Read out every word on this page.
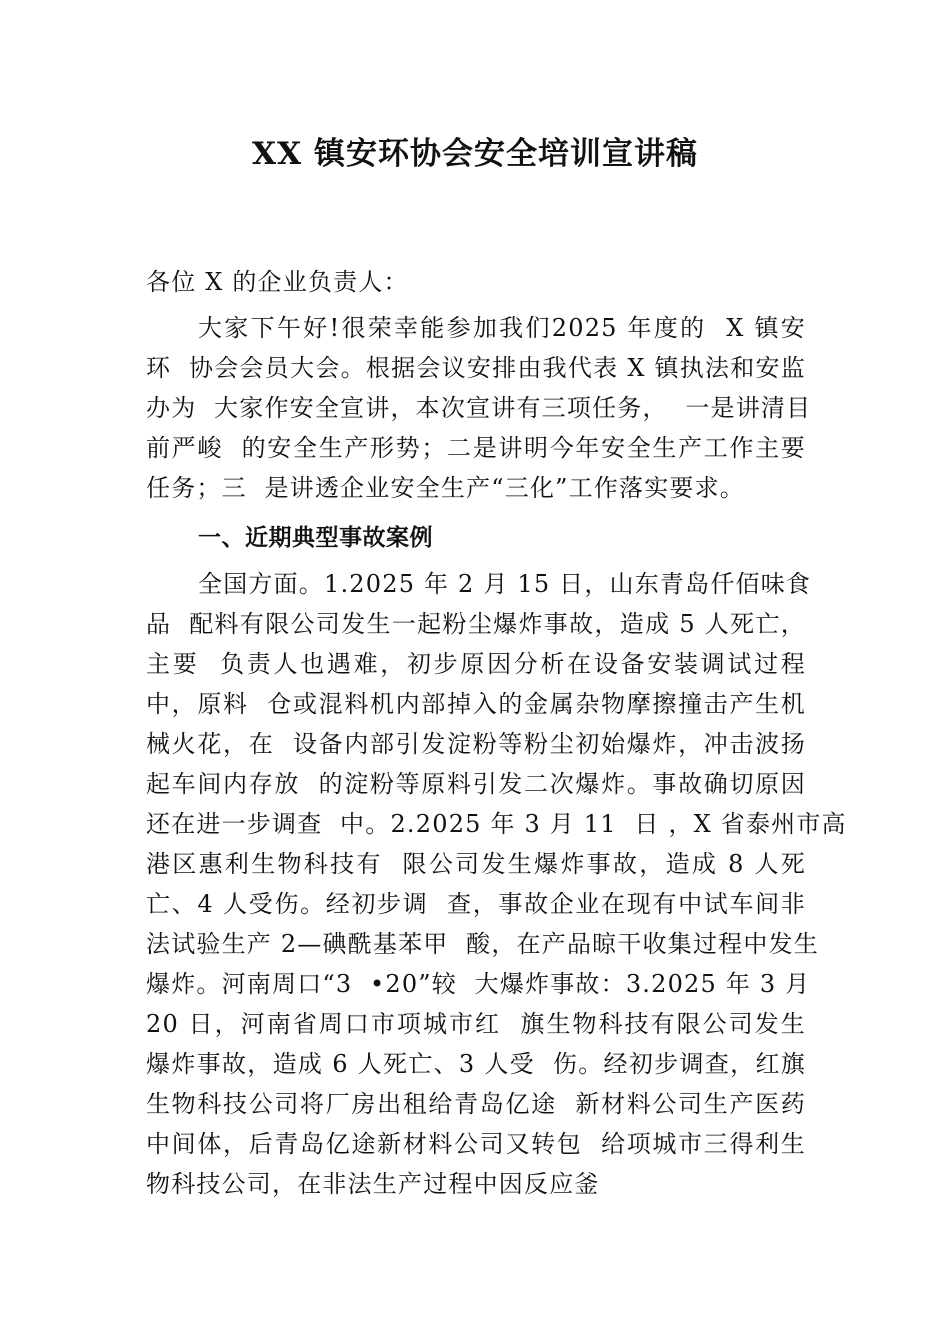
XX 镇安环协会安全培训宣讲稿
各位 X 的企业负责人：
大家下午好!很荣幸能参加我们2025 年度的  X 镇安
环  协会会员大会。根据会议安排由我代表 X 镇执法和安监
办为  大家作安全宣讲，本次宣讲有三项任务，  一是讲清目
前严峻  的安全生产形势；二是讲明今年安全生产工作主要
任务；三  是讲透企业安全生产“三化”工作落实要求。
一、近期典型事故案例
全国方面。1.2025 年 2 月 15 日，山东青岛仟佰味食
品  配料有限公司发生一起粉尘爆炸事故，造成 5 人死亡，
主要  负责人也遇难，初步原因分析在设备安装调试过程
中，原料  仓或混料机内部掉入的金属杂物摩擦撞击产生机
械火花，在  设备内部引发淀粉等粉尘初始爆炸，冲击波扬
起车间内存放  的淀粉等原料引发二次爆炸。事故确切原因
还在进一步调查  中。2.2025 年 3 月 11  日 ，X 省泰州市高
港区惠利生物科技有  限公司发生爆炸事故，造成 8 人死
亡、4 人受伤。经初步调  查，事故企业在现有中试车间非
法试验生产 2—碘酰基苯甲  酸，在产品晾干收集过程中发生
爆炸。河南周口“3  •20”较  大爆炸事故：3.2025 年 3 月
20 日，河南省周口市项城市红  旗生物科技有限公司发生
爆炸事故，造成 6 人死亡、3 人受  伤。经初步调查，红旗
生物科技公司将厂房出租给青岛亿途  新材料公司生产医药
中间体，后青岛亿途新材料公司又转包  给项城市三得利生
物科技公司，在非法生产过程中因反应釜
